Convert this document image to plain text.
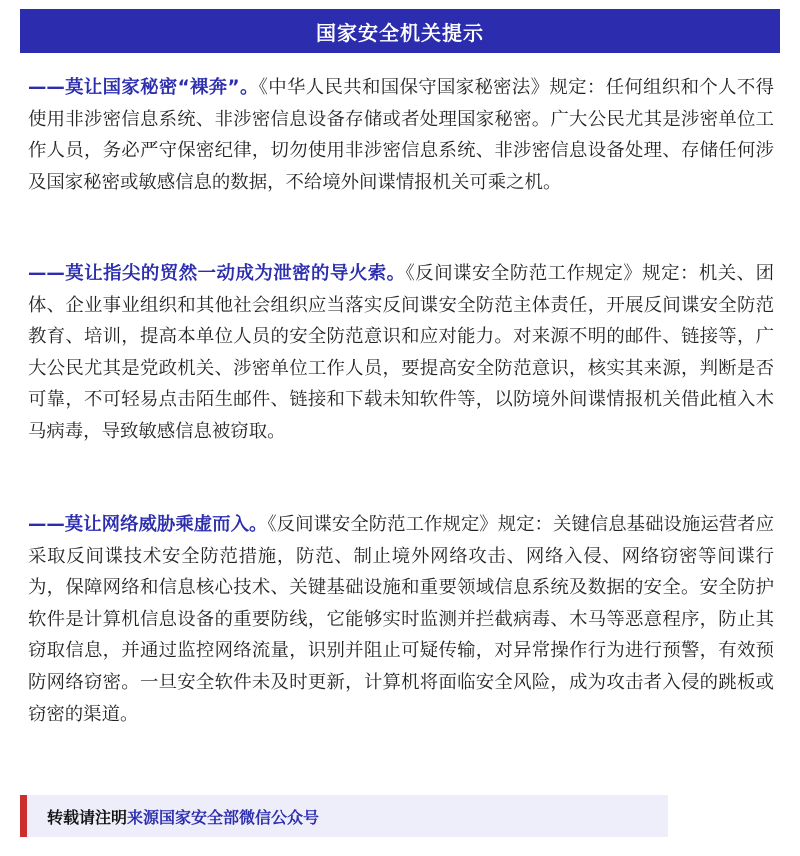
国家安全机关提示

——莫让国家秘密“裸奔”。《中华人民共和国保守国家秘密法》规定：任何组织和个人不得使用非涉密信息系统、非涉密信息设备存储或者处理国家秘密。广大公民尤其是涉密单位工作人员，务必严守保密纪律，切勿使用非涉密信息系统、非涉密信息设备处理、存储任何涉及国家秘密或敏感信息的数据，不给境外间谍情报机关可乘之机。

——莫让指尖的贸然一动成为泄密的导火索。《反间谍安全防范工作规定》规定：机关、团体、企业事业组织和其他社会组织应当落实反间谍安全防范主体责任，开展反间谍安全防范教育、培训，提高本单位人员的安全防范意识和应对能力。对来源不明的邮件、链接等，广大公民尤其是党政机关、涉密单位工作人员，要提高安全防范意识，核实其来源，判断是否可靠，不可轻易点击陌生邮件、链接和下载未知软件等，以防境外间谍情报机关借此植入木马病毒，导致敏感信息被窃取。

——莫让网络威胁乘虚而入。《反间谍安全防范工作规定》规定：关键信息基础设施运营者应采取反间谍技术安全防范措施，防范、制止境外网络攻击、网络入侵、网络窃密等间谍行为，保障网络和信息核心技术、关键基础设施和重要领域信息系统及数据的安全。安全防护软件是计算机信息设备的重要防线，它能够实时监测并拦截病毒、木马等恶意程序，防止其窃取信息，并通过监控网络流量，识别并阻止可疑传输，对异常操作行为进行预警，有效预防网络窃密。一旦安全软件未及时更新，计算机将面临安全风险，成为攻击者入侵的跳板或窃密的渠道。

转载请注明来源国家安全部微信公众号
